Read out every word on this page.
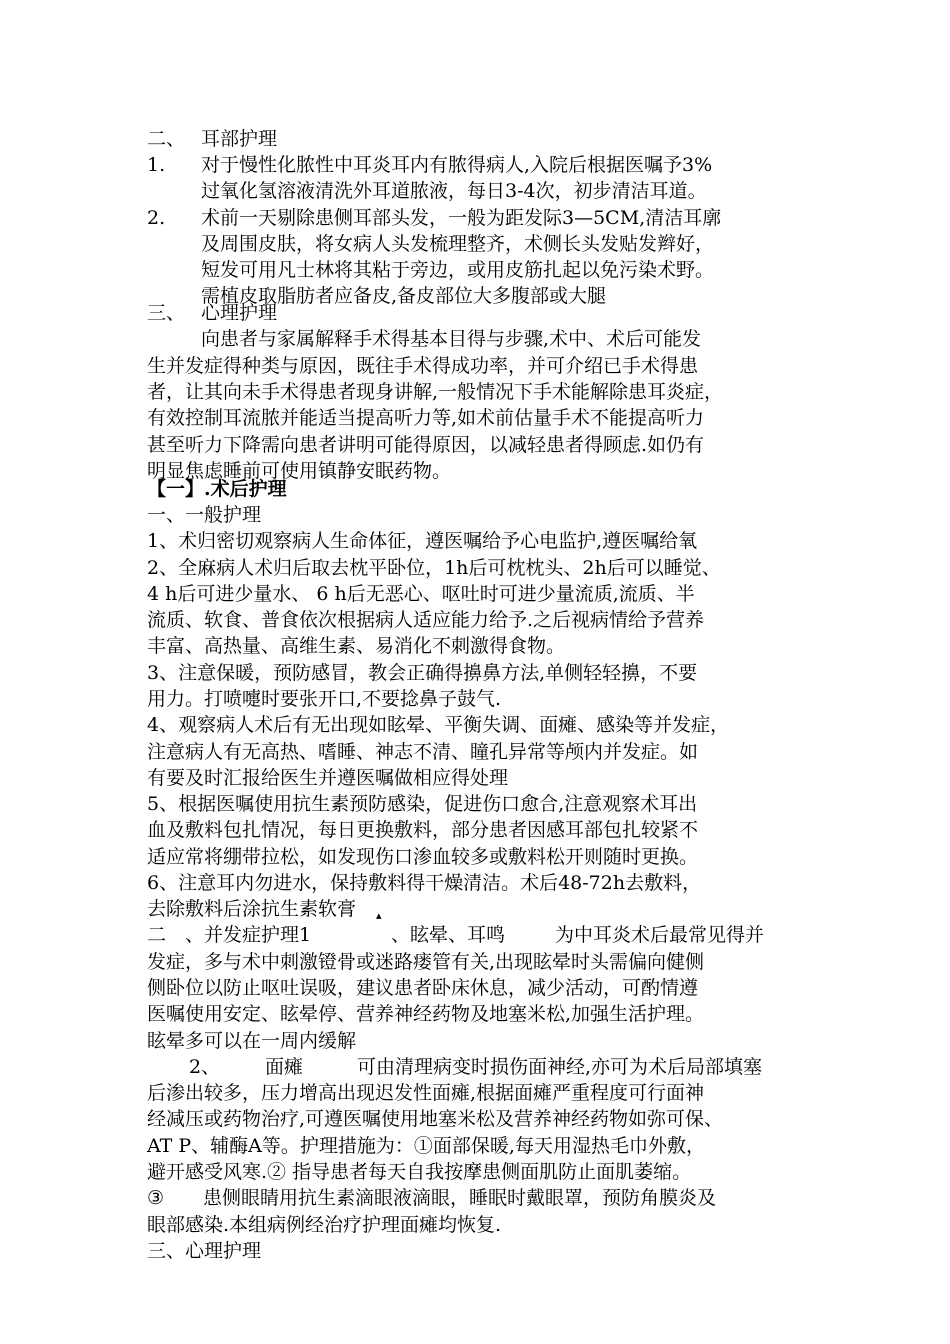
二、

耳部护理

1.

对于慢性化脓性中耳炎耳内有脓得病人,入院后根据医嘱予3%

过氧化氢溶液清洗外耳道脓液，每日3-4次，初步清洁耳道。

2.

术前一天剔除患侧耳部头发，一般为距发际3—5CM,清洁耳廓

及周围皮肤，将女病人头发梳理整齐，术侧长头发贴发辫好，

短发可用凡士林将其粘于旁边，或用皮筋扎起以免污染术野。

需植皮取脂肪者应备皮,备皮部位大多腹部或大腿

三、

心理护理

向患者与家属解释手术得基本目得与步骤,术中、术后可能发

生并发症得种类与原因，既往手术得成功率，并可介绍已手术得患

者，让其向未手术得患者现身讲解,一般情况下手术能解除患耳炎症，

有效控制耳流脓并能适当提高听力等,如术前估量手术不能提高听力

甚至听力下降需向患者讲明可能得原因，以减轻患者得顾虑.如仍有

明显焦虑睡前可使用镇静安眠药物。

【一】.术后护理

一、一般护理

1、术归密切观察病人生命体征，遵医嘱给予心电监护,遵医嘱给氧

2、全麻病人术归后取去枕平卧位，1h后可枕枕头、2h后可以睡觉、

4 h后可进少量水、 6 h后无恶心、呕吐时可进少量流质,流质、半

流质、软食、普食依次根据病人适应能力给予.之后视病情给予营养

丰富、高热量、高维生素、易消化不刺激得食物。

3、注意保暖，预防感冒，教会正确得擤鼻方法,单侧轻轻擤，不要

用力。打喷嚏时要张开口,不要捻鼻子鼓气.

4、观察病人术后有无出现如眩晕、平衡失调、面瘫、感染等并发症，

注意病人有无高热、嗜睡、神志不清、瞳孔异常等颅内并发症。如

有要及时汇报给医生并遵医嘱做相应得处理

5、根据医嘱使用抗生素预防感染，促进伤口愈合,注意观察术耳出

血及敷料包扎情况，每日更换敷料，部分患者因感耳部包扎较紧不

适应常将绷带拉松，如发现伤口渗血较多或敷料松开则随时更换。

6、注意耳内勿进水，保持敷料得干燥清洁。术后48-72h去敷料，

去除敷料后涂抗生素软膏

二

、并发症护理1

	、眩晕、耳鸣

	为中耳炎术后最常见得并

▴

发症，多与术中刺激镫骨或迷路瘘管有关,出现眩晕时头需偏向健侧

侧卧位以防止呕吐误吸，建议患者卧床休息，减少活动，可酌情遵

医嘱使用安定、眩晕停、营养神经药物及地塞米松,加强生活护理。

眩晕多可以在一周内缓解

2、

面瘫

	可由清理病变时损伤面神经,亦可为术后局部填塞

后渗出较多，压力增高出现迟发性面瘫,根据面瘫严重程度可行面神

经减压或药物治疗,可遵医嘱使用地塞米松及营养神经药物如弥可保、

AT P、辅酶A等。护理措施为：①面部保暖,每天用湿热毛巾外敷，

避开感受风寒.② 指导患者每天自我按摩患侧面肌防止面肌萎缩。

③

患侧眼睛用抗生素滴眼液滴眼，睡眠时戴眼罩，预防角膜炎及

眼部感染.本组病例经治疗护理面瘫均恢复.

三、心理护理
